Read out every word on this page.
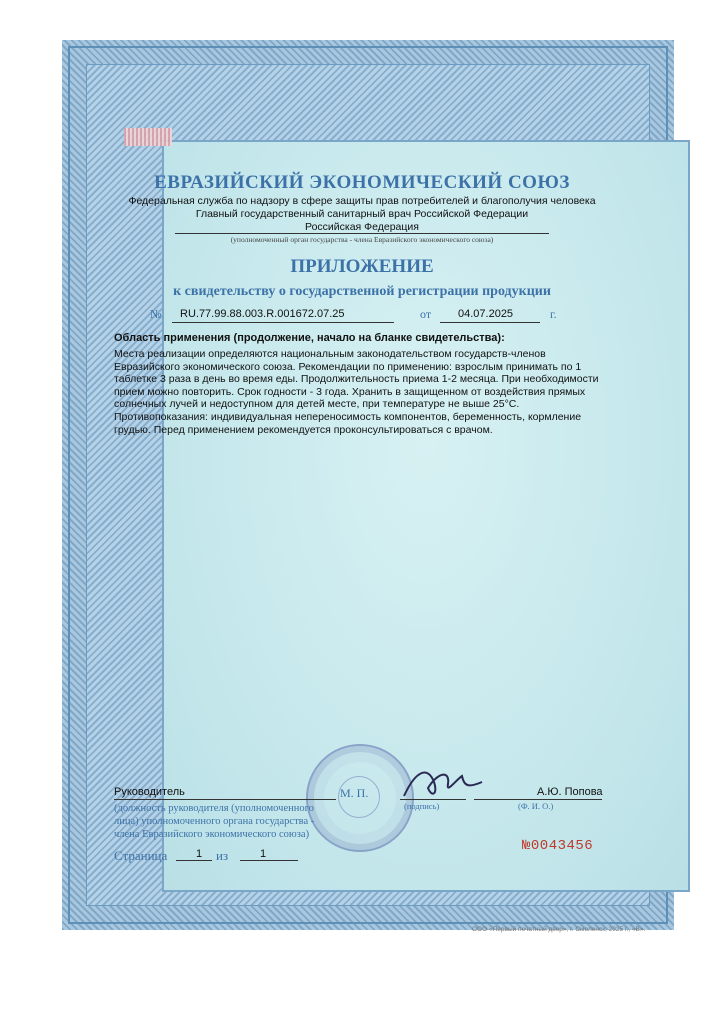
ЕВРАЗИЙСКИЙ ЭКОНОМИЧЕСКИЙ СОЮЗ
Федеральная служба по надзору в сфере защиты прав потребителей и благополучия человека
Главный государственный санитарный врач Российской Федерации
Российская Федерация
(уполномоченный орган государства - члена Евразийского экономического союза)
ПРИЛОЖЕНИЕ
к свидетельству о государственной регистрации продукции
№ RU.77.99.88.003.R.001672.07.25	от 04.07.2025	г.
Область применения (продолжение, начало на бланке свидетельства):

Места реализации определяются национальным законодательством государств-членов Евразийского экономического союза. Рекомендации по применению: взрослым принимать по 1 таблетке 3 раза в день во время еды. Продолжительность приема 1-2 месяца. При необходимости прием можно повторить. Срок годности - 3 года. Хранить в защищенном от воздействия прямых солнечных лучей и недоступном для детей месте, при температуре не выше 25°С. Противопоказания: индивидуальная непереносимость компонентов, беременность, кормление грудью. Перед применением рекомендуется проконсультироваться с врачом.

Руководитель
(должность руководителя (уполномоченного лица) уполномоченного органа государства - члена Евразийского экономического союза)
М. П.
(подпись)
А.Ю. Попова
(Ф. И. О.)
Страница	1 из	1	№0043456
ООО «Первый печатный двор», г. Смоленск, 2025 г., «В».
